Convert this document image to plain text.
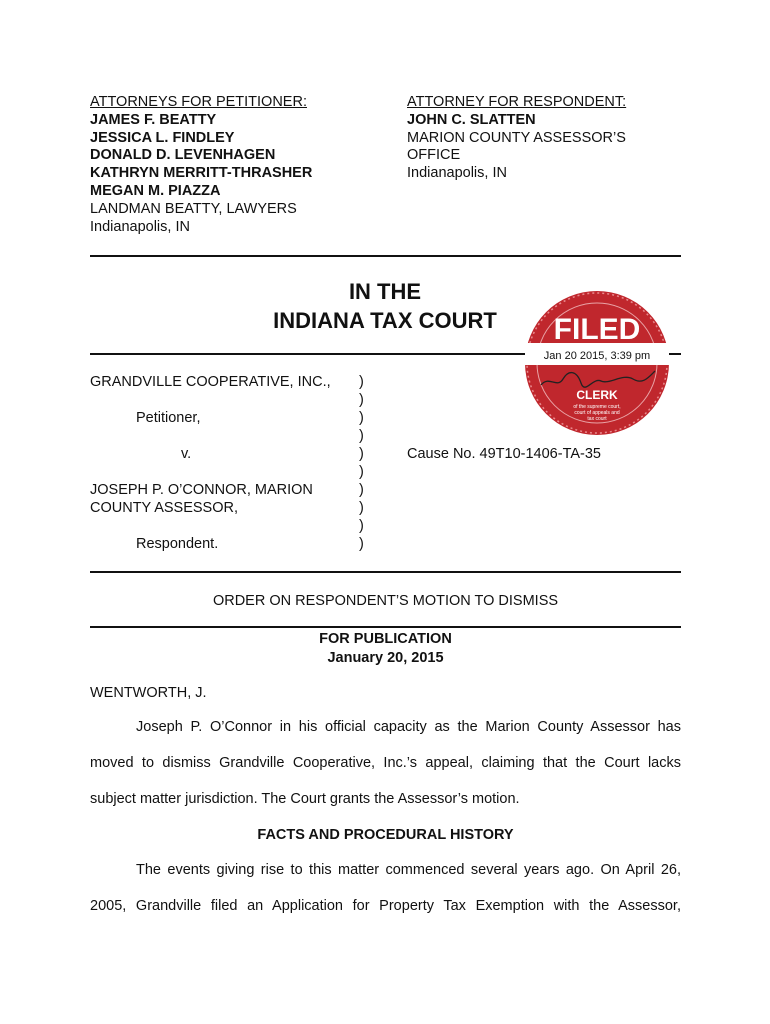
ATTORNEYS FOR PETITIONER:
JAMES F. BEATTY
JESSICA L. FINDLEY
DONALD D. LEVENHAGEN
KATHRYN MERRITT-THRASHER
MEGAN M. PIAZZA
LANDMAN BEATTY, LAWYERS
Indianapolis, IN
ATTORNEY FOR RESPONDENT:
JOHN C. SLATTEN
MARION COUNTY ASSESSOR’S
OFFICE
Indianapolis, IN
IN THE
INDIANA TAX COURT	FILED
Jan 20 2015, 3:39 pm
CLERK
of the supreme court,
court of appeals and
tax court
GRANDVILLE COOPERATIVE, INC.,
Petitioner,
v.
JOSEPH P. O’CONNOR, MARION
COUNTY ASSESSOR,
Respondent.
)
)
)
)
)
)
)
)
)
)
Cause No. 49T10-1406-TA-35
ORDER ON RESPONDENT’S MOTION TO DISMISS
FOR PUBLICATION
January 20, 2015
WENTWORTH, J.
Joseph P. O’Connor in his official capacity as the Marion County Assessor has
moved to dismiss Grandville Cooperative, Inc.’s appeal, claiming that the Court lacks
subject matter jurisdiction. The Court grants the Assessor’s motion.
FACTS AND PROCEDURAL HISTORY
The events giving rise to this matter commenced several years ago. On April 26,
2005, Grandville filed an Application for Property Tax Exemption with the Assessor,
